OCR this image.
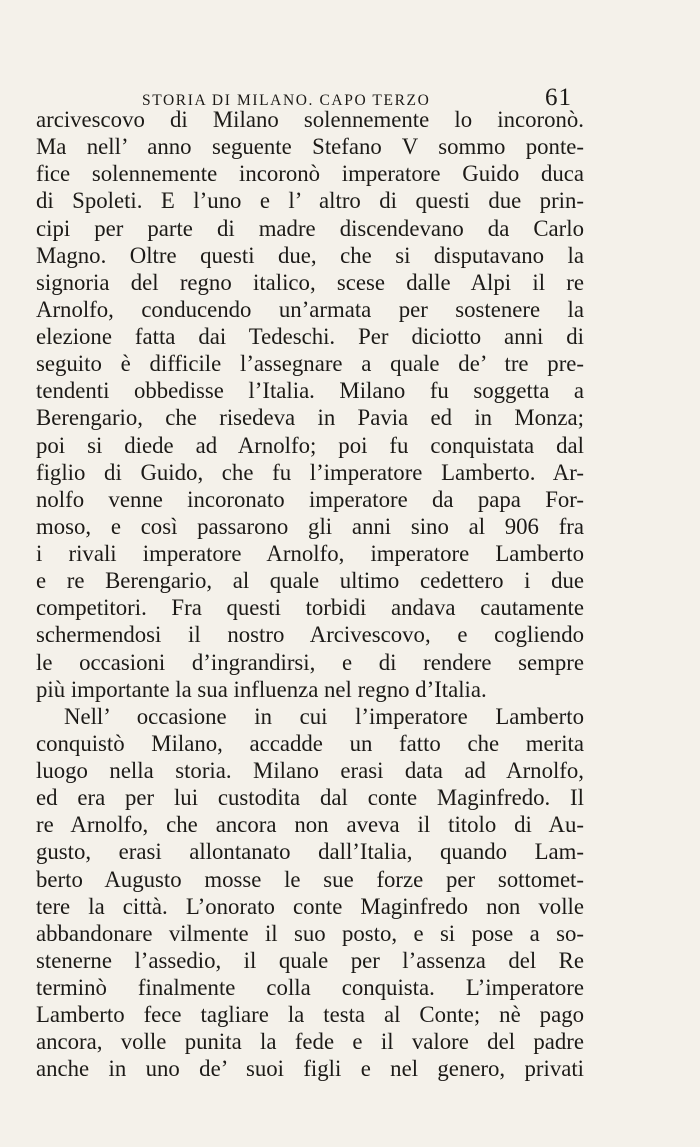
STORIA DI MILANO. CAPO TERZO	61
arcivescovo di Milano solennemente lo incoronò.
Ma nell’ anno seguente Stefano V sommo ponte-
fice solennemente incoronò imperatore Guido duca
di Spoleti. E l’uno e l’ altro di questi due prin-
cipi per parte di madre discendevano da Carlo
Magno. Oltre questi due, che si disputavano la
signoria del regno italico, scese dalle Alpi il re
Arnolfo, conducendo un’armata per sostenere la
elezione fatta dai Tedeschi. Per diciotto anni di
seguito è difficile l’assegnare a quale de’ tre pre-
tendenti obbedisse l’Italia. Milano fu soggetta a
Berengario, che risedeva in Pavia ed in Monza;
poi si diede ad Arnolfo; poi fu conquistata dal
figlio di Guido, che fu l’imperatore Lamberto. Ar-
nolfo venne incoronato imperatore da papa For-
moso, e così passarono gli anni sino al 906 fra
i rivali imperatore Arnolfo, imperatore Lamberto
e re Berengario, al quale ultimo cedettero i due
competitori. Fra questi torbidi andava cautamente
schermendosi il nostro Arcivescovo, e cogliendo
le occasioni d’ingrandirsi, e di rendere sempre
più importante la sua influenza nel regno d’Italia.
Nell’ occasione in cui l’imperatore Lamberto
conquistò Milano, accadde un fatto che merita
luogo nella storia. Milano erasi data ad Arnolfo,
ed era per lui custodita dal conte Maginfredo. Il
re Arnolfo, che ancora non aveva il titolo di Au-
gusto, erasi allontanato dall’Italia, quando Lam-
berto Augusto mosse le sue forze per sottomet-
tere la città. L’onorato conte Maginfredo non volle
abbandonare vilmente il suo posto, e si pose a so-
stenerne l’assedio, il quale per l’assenza del Re
terminò finalmente colla conquista. L’imperatore
Lamberto fece tagliare la testa al Conte; nè pago
ancora, volle punita la fede e il valore del padre
anche in uno de’ suoi figli e nel genero, privati
